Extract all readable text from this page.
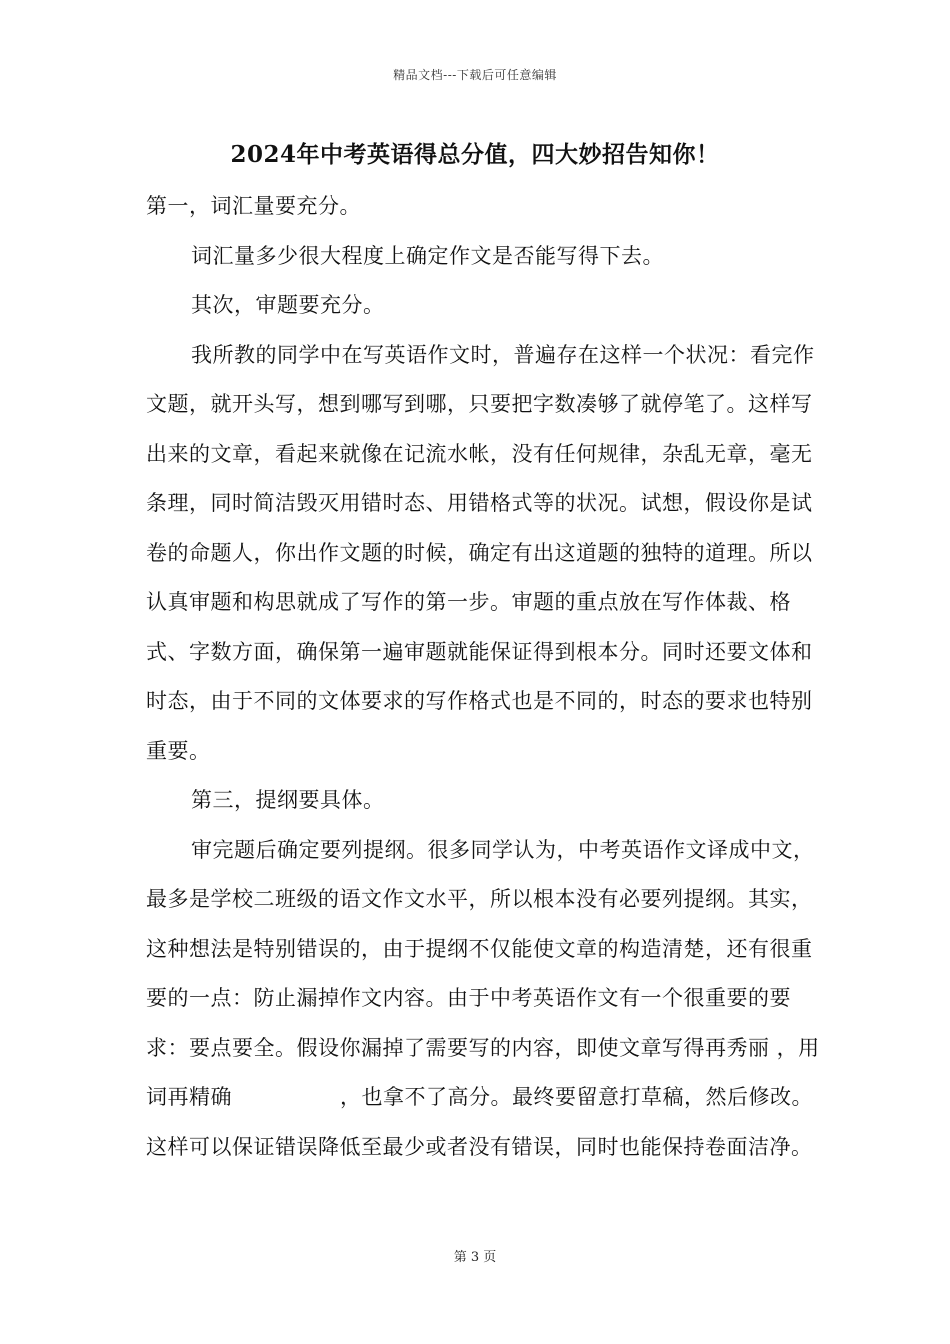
精品文档---下载后可任意编辑
2024年中考英语得总分值，四大妙招告知你！

第一，词汇量要充分。

词汇量多少很大程度上确定作文是否能写得下去。

其次，审题要充分。

我所教的同学中在写英语作文时，普遍存在这样一个状况：看完作文题，就开头写，想到哪写到哪，只要把字数凑够了就停笔了。这样写出来的文章，看起来就像在记流水帐，没有任何规律，杂乱无章，毫无条理，同时简洁毁灭用错时态、用错格式等的状况。试想，假设你是试卷的命题人，你出作文题的时候，确定有出这道题的独特的道理。所以认真审题和构思就成了写作的第一步。审题的重点放在写作体裁、格式、字数方面，确保第一遍审题就能保证得到根本分。同时还要文体和时态，由于不同的文体要求的写作格式也是不同的，时态的要求也特别重要。

第三，提纲要具体。

审完题后确定要列提纲。很多同学认为，中考英语作文译成中文，最多是学校二班级的语文作文水平，所以根本没有必要列提纲。其实，这种想法是特别错误的，由于提纲不仅能使文章的构造清楚，还有很重要的一点：防止漏掉作文内容。由于中考英语作文有一个很重要的要求：要点要全。假设你漏掉了需要写的内容，即使文章写得再秀丽 ，用词再精确	，也拿不了高分。最终要留意打草稿，然后修改。这样可以保证错误降低至最少或者没有错误，同时也能保持卷面洁净。

第 3 页
